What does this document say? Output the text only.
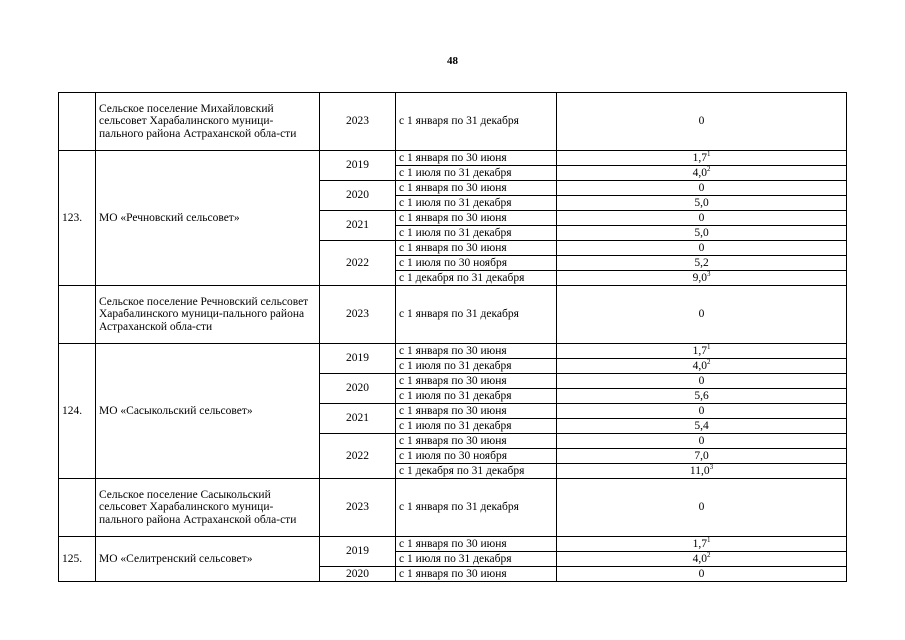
48
	Сельское поселение Михайловский сельсовет Харабалинского муници-пального района Астраханской обла-сти	2023	с 1 января по 31 декабря	0
123.	МО «Речновский сельсовет»	2019	с 1 января по 30 июня	$1,7^1$
			с 1 июля по 31 декабря	$4,0^2$
		2020	с 1 января по 30 июня	0
			с 1 июля по 31 декабря	5,0
		2021	с 1 января по 30 июня	0
			с 1 июля по 31 декабря	5,0
		2022	с 1 января по 30 июня	0
			с 1 июля по 30 ноября	5,2
			с 1 декабря по 31 декабря	$9,0^3$
	Сельское поселение Речновский сельсовет Харабалинского муници-пального района Астраханской обла-сти	2023	с 1 января по 31 декабря	0
124.	МО «Сасыкольский сельсовет»	2019	с 1 января по 30 июня	$1,7^1$
			с 1 июля по 31 декабря	$4,0^2$
		2020	с 1 января по 30 июня	0
			с 1 июля по 31 декабря	5,6
		2021	с 1 января по 30 июня	0
			с 1 июля по 31 декабря	5,4
		2022	с 1 января по 30 июня	0
			с 1 июля по 30 ноября	7,0
			с 1 декабря по 31 декабря	11,0$^3$
	Сельское поселение Сасыкольский сельсовет Харабалинского муници-пального района Астраханской обла-сти	2023	с 1 января по 31 декабря	0
125.	МО «Селитренский сельсовет»	2019	с 1 января по 30 июня	$1,7^1$
			с 1 июля по 31 декабря	$4,0^2$
		2020	с 1 января по 30 июня	0
